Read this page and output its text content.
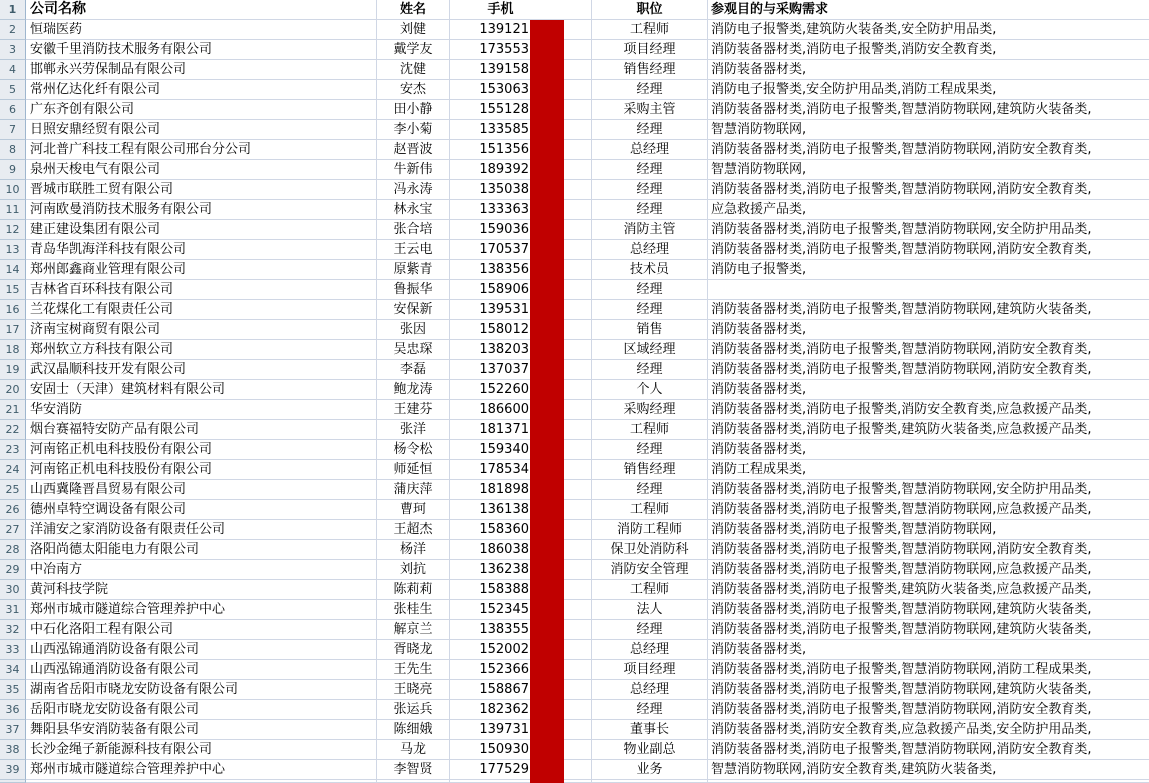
1 公司名称	姓名	手机	职位	参观目的与采购需求
2	恒瑞医药	刘健	139121	工程师	消防电子报警类,建筑防火装备类,安全防护用品类,
3	安徽千里消防技术服务有限公司	戴学友	173553	项目经理	消防装备器材类,消防电子报警类,消防安全教育类,
4	邯郸永兴劳保制品有限公司	沈健	139158	销售经理	消防装备器材类,
5	常州亿达化纤有限公司	安杰	153063	经理	消防电子报警类,安全防护用品类,消防工程成果类,
6	广东齐创有限公司	田小静	155128	采购主管	消防装备器材类,消防电子报警类,智慧消防物联网,建筑防火装备类,
7	日照安鼎经贸有限公司	李小菊	133585	经理	智慧消防物联网,
8	河北普广科技工程有限公司邢台分公司	赵晋波	151356	总经理	消防装备器材类,消防电子报警类,智慧消防物联网,消防安全教育类,
9	泉州天梭电气有限公司	牛新伟	189392	经理	智慧消防物联网,
10 晋城市联胜工贸有限公司	冯永涛	135038	经理	消防装备器材类,消防电子报警类,智慧消防物联网,消防安全教育类,
11 河南欧曼消防技术服务有限公司	林永宝	133363	经理	应急救援产品类,
12 建正建设集团有限公司	张合培	159036	消防主管	消防装备器材类,消防电子报警类,智慧消防物联网,安全防护用品类,
13 青岛华凯海洋科技有限公司	王云电	170537	总经理	消防装备器材类,消防电子报警类,智慧消防物联网,消防安全教育类,
14 郑州郎鑫商业管理有限公司	原紫青	138356	技术员	消防电子报警类,
15 吉林省百环科技有限公司	鲁振华	158906	经理
16 兰花煤化工有限责任公司	安保新	139531	经理	消防装备器材类,消防电子报警类,智慧消防物联网,建筑防火装备类,
17 济南宝树商贸有限公司	张因	158012	销售	消防装备器材类,
18 郑州软立方科技有限公司	吴忠琛	138203	区域经理	消防装备器材类,消防电子报警类,智慧消防物联网,消防安全教育类,
19 武汉晶顺科技开发有限公司	李磊	137037	经理	消防装备器材类,消防电子报警类,智慧消防物联网,消防安全教育类,
20 安固士（天津）建筑材料有限公司	鲍龙涛	152260	个人	消防装备器材类,
21 华安消防	王建芬	186600	采购经理	消防装备器材类,消防电子报警类,消防安全教育类,应急救援产品类,
22 烟台赛福特安防产品有限公司	张洋	181371	工程师	消防装备器材类,消防电子报警类,建筑防火装备类,应急救援产品类,
23 河南铭正机电科技股份有限公司	杨令松	159340	经理	消防装备器材类,
24 河南铭正机电科技股份有限公司	师延恒	178534	销售经理	消防工程成果类,
25 山西冀隆晋昌贸易有限公司	蒲庆萍	181898	经理	消防装备器材类,消防电子报警类,智慧消防物联网,安全防护用品类,
26 德州卓特空调设备有限公司	曹珂	136138	工程师	消防装备器材类,消防电子报警类,智慧消防物联网,应急救援产品类,
27 洋浦安之家消防设备有限责任公司	王超杰	158360	消防工程师	消防装备器材类,消防电子报警类,智慧消防物联网,
28 洛阳尚德太阳能电力有限公司	杨洋	186038	保卫处消防科	消防装备器材类,消防电子报警类,智慧消防物联网,消防安全教育类,
29 中冶南方	刘抗	136238	消防安全管理	消防装备器材类,消防电子报警类,智慧消防物联网,应急救援产品类,
30 黄河科技学院	陈莉莉	158388	工程师	消防装备器材类,消防电子报警类,建筑防火装备类,应急救援产品类,
31 郑州市城市隧道综合管理养护中心	张桂生	152345	法人	消防装备器材类,消防电子报警类,智慧消防物联网,建筑防火装备类,
32 中石化洛阳工程有限公司	解京兰	138355	经理	消防装备器材类,消防电子报警类,智慧消防物联网,建筑防火装备类,
33 山西泓锦通消防设备有限公司	胥晓龙	152002	总经理	消防装备器材类,
34 山西泓锦通消防设备有限公司	王先生	152366	项目经理	消防装备器材类,消防电子报警类,智慧消防物联网,消防工程成果类,
35 湖南省岳阳市晓龙安防设备有限公司	王晓亮	158867	总经理	消防装备器材类,消防电子报警类,智慧消防物联网,建筑防火装备类,
36 岳阳市晓龙安防设备有限公司	张运兵	182362	经理	消防装备器材类,消防电子报警类,智慧消防物联网,消防安全教育类,
37 舞阳县华安消防装备有限公司	陈细娥	139731	董事长	消防装备器材类,消防安全教育类,应急救援产品类,安全防护用品类,
38 长沙金绳子新能源科技有限公司	马龙	150930	物业副总	消防装备器材类,消防电子报警类,智慧消防物联网,消防安全教育类,
39 郑州市城市隧道综合管理养护中心	李智贤	177529	业务	智慧消防物联网,消防安全教育类,建筑防火装备类,
